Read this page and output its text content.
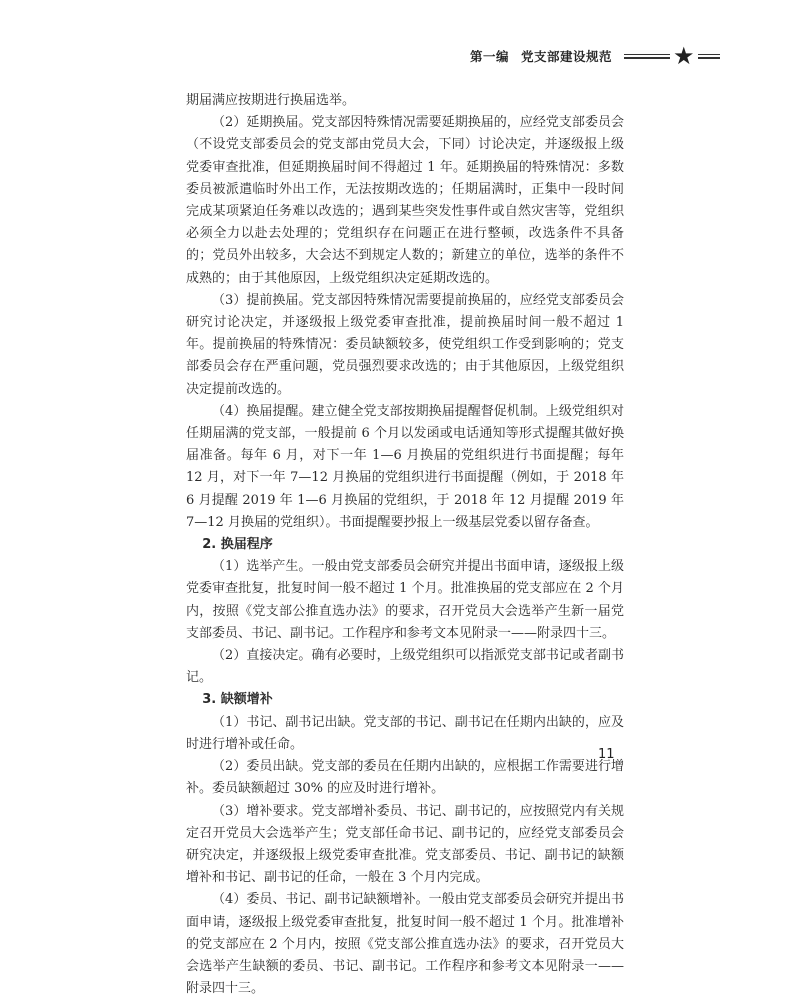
第一编 党支部建设规范	★

期届满应按期进行换届选举。

（2）延期换届。党支部因特殊情况需要延期换届的，应经党支部委员会（不设党支部委员会的党支部由党员大会，下同）讨论决定，并逐级报上级党委审查批准，但延期换届时间不得超过 1 年。延期换届的特殊情况：多数委员被派遣临时外出工作，无法按期改选的；任期届满时，正集中一段时间完成某项紧迫任务难以改选的；遇到某些突发性事件或自然灾害等，党组织必须全力以赴去处理的；党组织存在问题正在进行整顿，改选条件不具备的；党员外出较多，大会达不到规定人数的；新建立的单位，选举的条件不成熟的；由于其他原因，上级党组织决定延期改选的。

（3）提前换届。党支部因特殊情况需要提前换届的，应经党支部委员会研究讨论决定，并逐级报上级党委审查批准，提前换届时间一般不超过 1 年。提前换届的特殊情况：委员缺额较多，使党组织工作受到影响的；党支部委员会存在严重问题，党员强烈要求改选的；由于其他原因，上级党组织决定提前改选的。

（4）换届提醒。建立健全党支部按期换届提醒督促机制。上级党组织对任期届满的党支部，一般提前 6 个月以发函或电话通知等形式提醒其做好换届准备。每年 6 月，对下一年 1—6 月换届的党组织进行书面提醒；每年 12 月，对下一年 7—12 月换届的党组织进行书面提醒（例如，于 2018 年 6 月提醒 2019 年 1—6 月换届的党组织，于 2018 年 12 月提醒 2019 年 7—12 月换届的党组织）。书面提醒要抄报上一级基层党委以留存备查。

2. 换届程序

（1）选举产生。一般由党支部委员会研究并提出书面申请，逐级报上级党委审查批复，批复时间一般不超过 1 个月。批准换届的党支部应在 2 个月内，按照《党支部公推直选办法》的要求，召开党员大会选举产生新一届党支部委员、书记、副书记。工作程序和参考文本见附录一——附录四十三。

（2）直接决定。确有必要时，上级党组织可以指派党支部书记或者副书记。

3. 缺额增补

（1）书记、副书记出缺。党支部的书记、副书记在任期内出缺的，应及时进行增补或任命。

（2）委员出缺。党支部的委员在任期内出缺的，应根据工作需要进行增补。委员缺额超过 30% 的应及时进行增补。

（3）增补要求。党支部增补委员、书记、副书记的，应按照党内有关规定召开党员大会选举产生；党支部任命书记、副书记的，应经党支部委员会研究决定，并逐级报上级党委审查批准。党支部委员、书记、副书记的缺额增补和书记、副书记的任命，一般在 3 个月内完成。

（4）委员、书记、副书记缺额增补。一般由党支部委员会研究并提出书面申请，逐级报上级党委审查批复，批复时间一般不超过 1 个月。批准增补的党支部应在 2 个月内，按照《党支部公推直选办法》的要求，召开党员大会选举产生缺额的委员、书记、副书记。工作程序和参考文本见附录一——附录四十三。

11
